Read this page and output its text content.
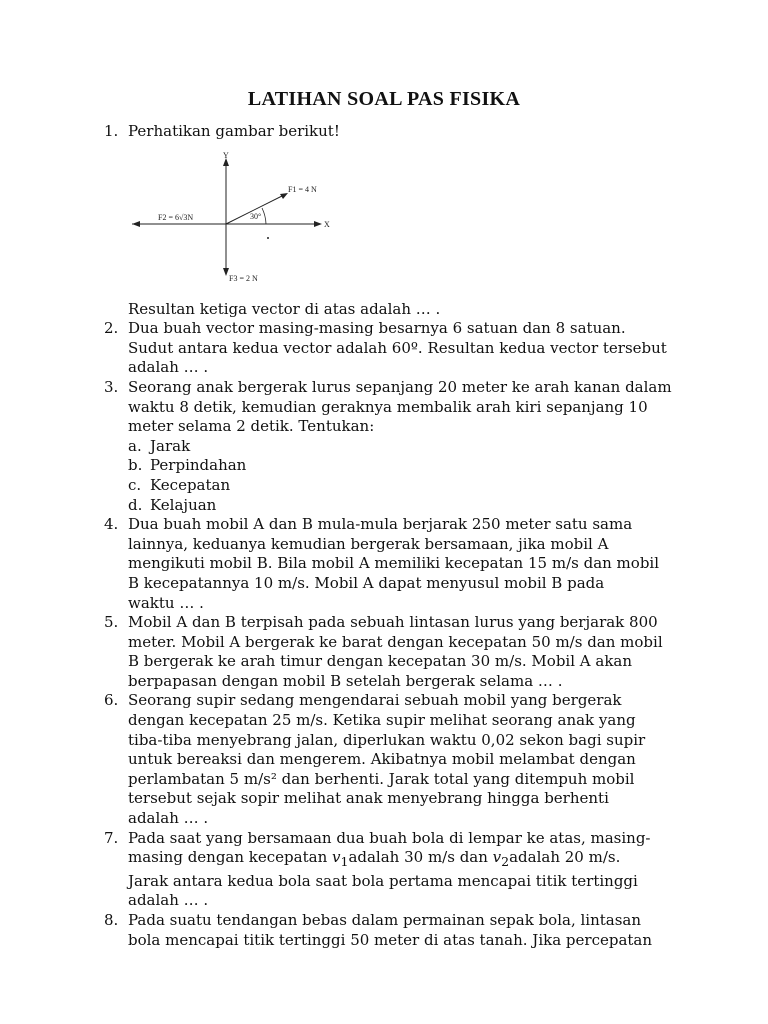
LATIHAN SOAL PAS FISIKA
1. Perhatikan gambar berikut!
Y
X
F1 = 4 N
F2 = 6√3N
F3 = 2 N
30°
Resultan ketiga vector di atas adalah … .
2. Dua buah vector masing-masing besarnya 6 satuan dan 8 satuan.
Sudut antara kedua vector adalah 60º. Resultan kedua vector tersebut
adalah … .
3. Seorang anak bergerak lurus sepanjang 20 meter ke arah kanan dalam
waktu 8 detik, kemudian geraknya membalik arah kiri sepanjang 10
meter selama 2 detik. Tentukan:
a. Jarak
b. Perpindahan
c. Kecepatan
d. Kelajuan
4. Dua buah mobil A dan B mula-mula berjarak 250 meter satu sama
lainnya, keduanya kemudian bergerak bersamaan, jika mobil A
mengikuti mobil B. Bila mobil A memiliki kecepatan 15 m/s dan mobil
B kecepatannya 10 m/s. Mobil A dapat menyusul mobil B pada
waktu … .
5. Mobil A dan B terpisah pada sebuah lintasan lurus yang berjarak 800
meter. Mobil A bergerak ke barat dengan kecepatan 50 m/s dan mobil
B bergerak ke arah timur dengan kecepatan 30 m/s. Mobil A akan
berpapasan dengan mobil B setelah bergerak selama … .
6. Seorang supir sedang mengendarai sebuah mobil yang bergerak
dengan kecepatan 25 m/s. Ketika supir melihat seorang anak yang
tiba-tiba menyebrang jalan, diperlukan waktu 0,02 sekon bagi supir
untuk bereaksi dan mengerem. Akibatnya mobil melambat dengan
perlambatan 5 m/s² dan berhenti. Jarak total yang ditempuh mobil
tersebut sejak sopir melihat anak menyebrang hingga berhenti
adalah … .
7. Pada saat yang bersamaan dua buah bola di lempar ke atas, masing-
masing dengan kecepatan $v_1adalah$ 30 m/s dan $v_2adalah$ 20 m/s.
Jarak antara kedua bola saat bola pertama mencapai titik tertinggi
adalah … .
8. Pada suatu tendangan bebas dalam permainan sepak bola, lintasan
bola mencapai titik tertinggi 50 meter di atas tanah. Jika percepatan
